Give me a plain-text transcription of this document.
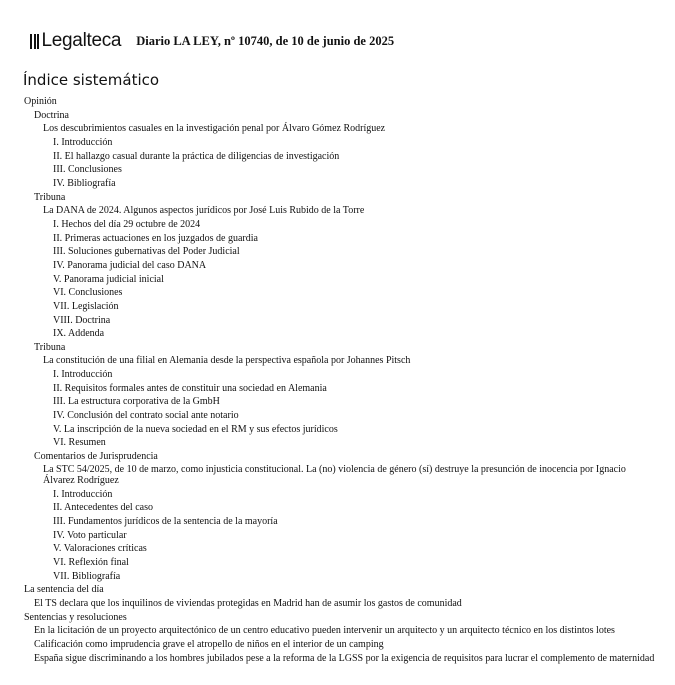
Legalteca Diario LA LEY, nº 10740, de 10 de junio de 2025
Índice sistemático
Opinión
Doctrina
Los descubrimientos casuales en la investigación penal por Álvaro Gómez Rodríguez
I. Introducción
II. El hallazgo casual durante la práctica de diligencias de investigación
III. Conclusiones
IV. Bibliografía
Tribuna
La DANA de 2024. Algunos aspectos jurídicos por José Luis Rubido de la Torre
I. Hechos del día 29 octubre de 2024
II. Primeras actuaciones en los juzgados de guardia
III. Soluciones gubernativas del Poder Judicial
IV. Panorama judicial del caso DANA
V. Panorama judicial inicial
VI. Conclusiones
VII. Legislación
VIII. Doctrina
IX. Addenda
Tribuna
La constitución de una filial en Alemania desde la perspectiva española por Johannes Pitsch
I. Introducción
II. Requisitos formales antes de constituir una sociedad en Alemania
III. La estructura corporativa de la GmbH
IV. Conclusión del contrato social ante notario
V. La inscripción de la nueva sociedad en el RM y sus efectos jurídicos
VI. Resumen
Comentarios de Jurisprudencia
La STC 54/2025, de 10 de marzo, como injusticia constitucional. La (no) violencia de género (sí) destruye la presunción de inocencia por Ignacio Álvarez Rodríguez
I. Introducción
II. Antecedentes del caso
III. Fundamentos jurídicos de la sentencia de la mayoría
IV. Voto particular
V. Valoraciones críticas
VI. Reflexión final
VII. Bibliografía
La sentencia del día
El TS declara que los inquilinos de viviendas protegidas en Madrid han de asumir los gastos de comunidad
Sentencias y resoluciones
En la licitación de un proyecto arquitectónico de un centro educativo pueden intervenir un arquitecto y un arquitecto técnico en los distintos lotes
Calificación como imprudencia grave el atropello de niños en el interior de un camping
España sigue discriminando a los hombres jubilados pese a la reforma de la LGSS por la exigencia de requisitos para lucrar el complemento de maternidad
